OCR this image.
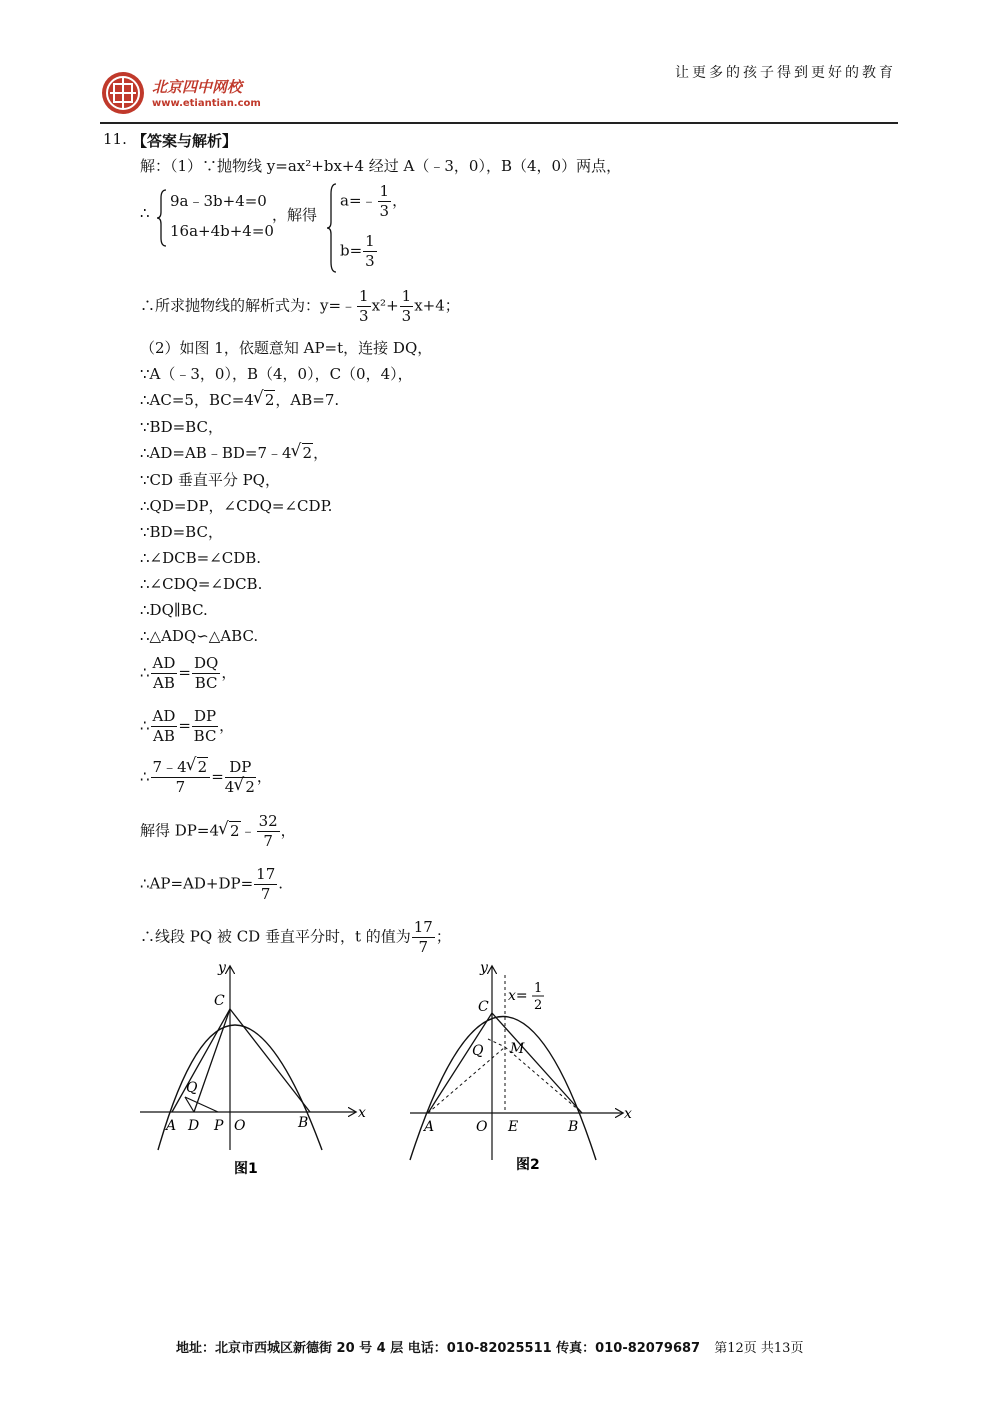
让更多的孩子得到更好的教育
北京四中网校
www.etiantian.com
11. 【答案与解析】
解：（1）∵抛物线 y=ax²+bx+4 经过 A（﹣3，0），B（4，0）两点，
∴
9a﹣3b+4=0
16a+4b+4=0
，解得
a=﹣ $\frac{1}{3}$ ，
$b= \frac{1}{3}$
∴所求抛物线的解析式为：y=﹣ $\frac{1}{3} x^2+ \frac{1}{3} x+4$；
（2）如图 1，依题意知 AP=t，连接 DQ，
∵A（﹣3，0），B（4，0），C（0，4），
∴AC=5，BC=4 √ 2，AB=7.
∵BD=BC，
∴AD=AB﹣BD=7﹣4 √ 2，
∵CD 垂直平分 PQ，
∴QD=DP，∠CDQ=∠CDP.
∵BD=BC，
∴∠DCB=∠CDB.
∴∠CDQ=∠DCB.
∴DQ∥BC.
∴△ADQ∽△ABC.
∴ $\frac{AD}{AB} = \frac{DQ}{BC}$ ，
∴ $\frac{AD}{AB} = \frac{DP}{BC}$ ，
∴ $\frac{7﹣4 √ 2}{7} = \frac{DP}{4 √ 2}$ ，
解得 DP=4 √ 2﹣ $\frac{32}{7}$ ，
∴AP=AD+DP= $\frac{17}{7}$ .
∴线段 PQ 被 CD 垂直平分时，t 的值为 $\frac{17}{7}$ ；
C
y
x
Q
A D P O	B
图1
y
x
C
Q M
A	O E	B
x= 1
2
图2
地址：北京市西城区新德街 20 号 4 层 电话：010-82025511 传真：010-82079687 第12页 共13页
